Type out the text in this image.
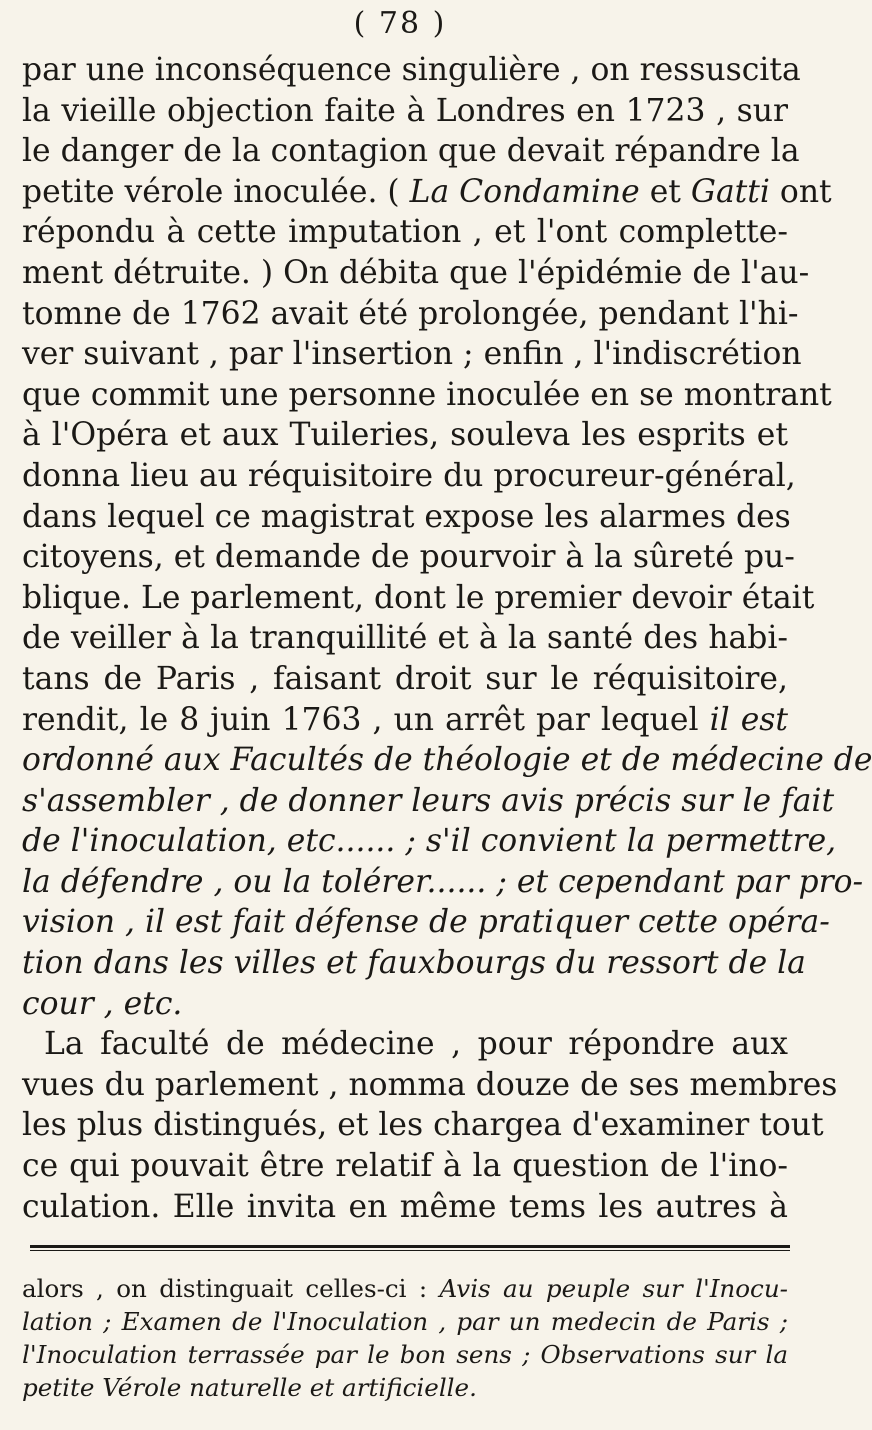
( 78 )
par une inconséquence singulière , on ressuscita
la vieille objection faite à Londres en 1723 , sur
le danger de la contagion que devait répandre la
petite vérole inoculée. ( La Condamine et Gatti ont
répondu à cette imputation , et l'ont complette-
ment détruite. ) On débita que l'épidémie de l'au-
tomne de 1762 avait été prolongée, pendant l'hi-
ver suivant , par l'insertion ; enfin , l'indiscrétion
que commit une personne inoculée en se montrant
à l'Opéra et aux Tuileries, souleva les esprits et
donna lieu au réquisitoire du procureur-général,
dans lequel ce magistrat expose les alarmes des
citoyens, et demande de pourvoir à la sûreté pu-
blique. Le parlement, dont le premier devoir était
de veiller à la tranquillité et à la santé des habi-
tans de Paris , faisant droit sur le réquisitoire,
rendit, le 8 juin 1763 , un arrêt par lequel il est
ordonné aux Facultés de théologie et de médecine de
s'assembler , de donner leurs avis précis sur le fait
de l'inoculation, etc...... ; s'il convient la permettre,
la défendre , ou la tolérer...... ; et cependant par pro-
vision , il est fait défense de pratiquer cette opéra-
tion dans les villes et fauxbourgs du ressort de la
cour , etc.
La faculté de médecine , pour répondre aux
vues du parlement , nomma douze de ses membres
les plus distingués, et les chargea d'examiner tout
ce qui pouvait être relatif à la question de l'ino-
culation. Elle invita en même tems les autres à
alors , on distinguait celles-ci : Avis au peuple sur l'Inocu-
lation ; Examen de l'Inoculation , par un medecin de Paris ;
l'Inoculation terrassée par le bon sens ; Observations sur la
petite Vérole naturelle et artificielle.
